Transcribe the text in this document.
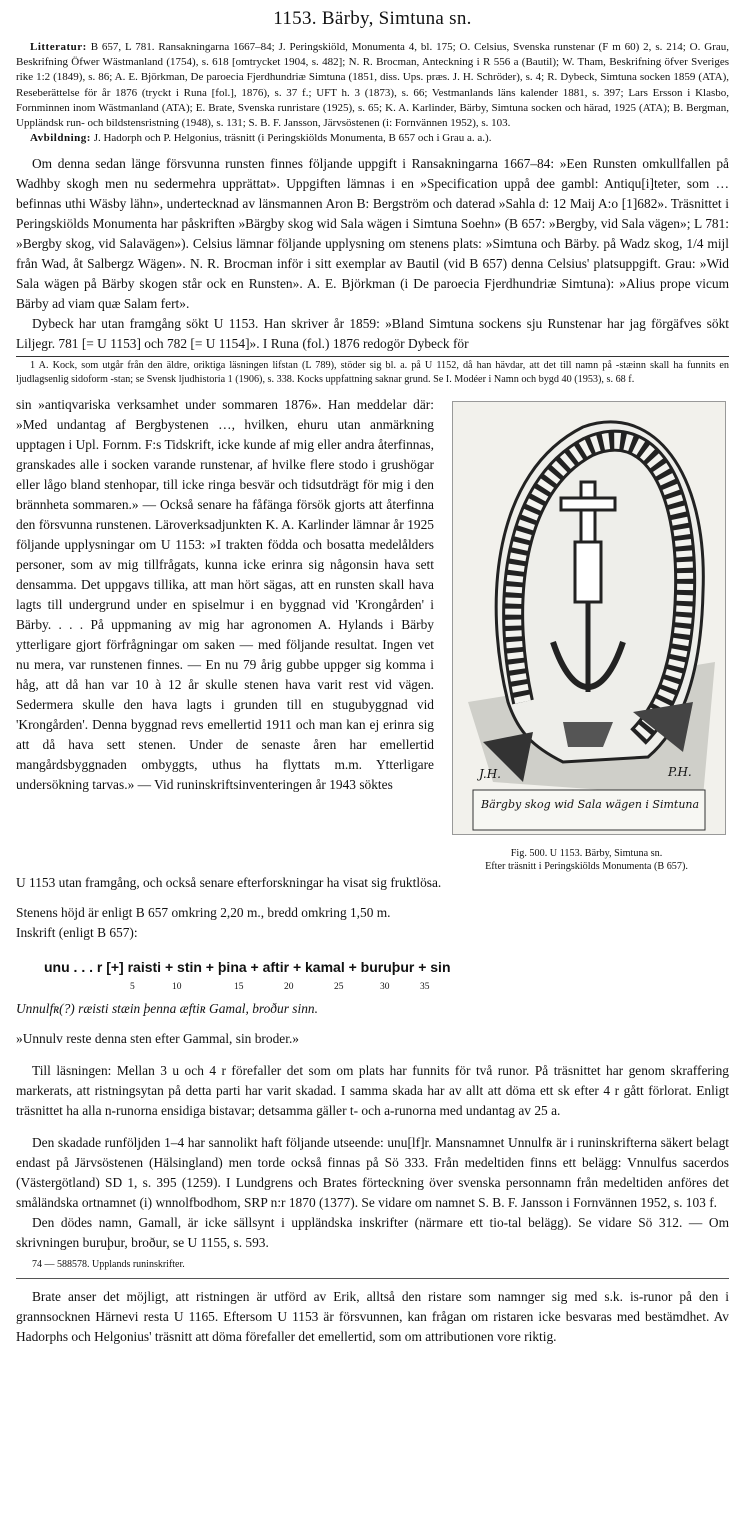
1153. Bärby, Simtuna sn.

Litteratur: B 657, L 781. Ransakningarna 1667–84; J. Peringskiöld, Monumenta 4, bl. 175; O. Celsius, Svenska runstenar (F m 60) 2, s. 214; O. Grau, Beskrifning Öfwer Wästmanland (1754), s. 618 [omtrycket 1904, s. 482]; N. R. Brocman, Anteckning i R 556 a (Bautil); W. Tham, Beskrifning öfver Sveriges rike 1:2 (1849), s. 86; A. E. Björkman, De paroecia Fjerdhundriæ Simtuna (1851, diss. Ups. præs. J. H. Schröder), s. 4; R. Dybeck, Simtuna socken 1859 (ATA), Reseberättelse för år 1876 (tryckt i Runa [fol.], 1876), s. 37 f.; UFT h. 3 (1873), s. 66; Vestmanlands läns kalender 1881, s. 397; Lars Ersson i Klasbo, Fornminnen inom Wästmanland (ATA); E. Brate, Svenska runristare (1925), s. 65; K. A. Karlinder, Bärby, Simtuna socken och härad, 1925 (ATA); B. Bergman, Uppländsk run- och bildstensristning (1948), s. 131; S. B. F. Jansson, Järvsöstenen (i: Fornvännen 1952), s. 103.

Avbildning: J. Hadorph och P. Helgonius, träsnitt (i Peringskiölds Monumenta, B 657 och i Grau a. a.).

Om denna sedan länge försvunna runsten finnes följande uppgift i Ransakningarna 1667–84: »Een Runsten omkullfallen på Wadhby skogh men nu sedermehra upprättat». Uppgiften lämnas i en »Specification uppå dee gambl: Antiqu[i]teter, som … befinnas uthi Wäsby lähn», undertecknad av länsmannen Aron B: Bergström och daterad »Sahla d: 12 Maij A:o [1]682». Träsnittet i Peringskiölds Monumenta har påskriften »Bärgby skog wid Sala wägen i Simtuna Soehn» (B 657: »Bergby, vid Sala vägen»; L 781: »Bergby skog, vid Salavägen»). Celsius lämnar följande upplysning om stenens plats: »Simtuna och Bärby. på Wadz skog, 1/4 mijl från Wad, åt Salbergz Wägen». N. R. Brocman inför i sitt exemplar av Bautil (vid B 657) denna Celsius' platsuppgift. Grau: »Wid Sala wägen på Bärby skogen står ock en Runsten». A. E. Björkman (i De paroecia Fjerdhundriæ Simtuna): »Alius prope vicum Bärby ad viam quæ Salam fert».

Dybeck har utan framgång sökt U 1153. Han skriver år 1859: »Bland Simtuna sockens sju Runstenar har jag förgäfves sökt Liljegr. 781 [= U 1153] och 782 [= U 1154]». I Runa (fol.) 1876 redogör Dybeck för

1 A. Kock, som utgår från den äldre, oriktiga läsningen lifstan (L 789), stöder sig bl. a. på U 1152, då han hävdar, att det till namn på -stæinn skall ha funnits en ljudlagsenlig sidoform -stan; se Svensk ljudhistoria 1 (1906), s. 338. Kocks uppfattning saknar grund. Se I. Modéer i Namn och bygd 40 (1953), s. 68 f.

sin »antiqvariska verksamhet under sommaren 1876». Han meddelar där: »Med undantag af Bergbystenen …, hvilken, ehuru utan anmärkning upptagen i Upl. Fornm. F:s Tidskrift, icke kunde af mig eller andra återfinnas, granskades alle i socken varande runstenar, af hvilke flere stodo i grushögar eller lågo bland stenhopar, till icke ringa besvär och tidsutdrägt för mig i den brännheta sommaren.» — Också senare ha fåfänga försök gjorts att återfinna den försvunna runstenen. Läroverksadjunkten K. A. Karlinder lämnar år 1925 följande upplysningar om U 1153: »I trakten födda och bosatta medelålders personer, som av mig tillfrågats, kunna icke erinra sig någonsin hava sett densamma. Det uppgavs tillika, att man hört sägas, att en runsten skall hava lagts till undergrund under en spiselmur i en byggnad vid 'Krongården' i Bärby. . . . På uppmaning av mig har agronomen A. Hylands i Bärby ytterligare gjort förfrågningar om saken — med följande resultat. Ingen vet nu mera, var runstenen finnes. — En nu 79 årig gubbe uppger sig komma i håg, att då han var 10 à 12 år skulle stenen hava varit rest vid vägen. Sedermera skulle den hava lagts i grunden till en stugubyggnad vid 'Krongården'. Denna byggnad revs emellertid 1911 och man kan ej erinra sig att då hava sett stenen. Under de senaste åren har emellertid mangårdsbyggnaden ombyggts, uthus ha flyttats m.m. Ytterligare undersökning tarvas.» — Vid runinskriftsinventeringen år 1943 söktes

J.H.	P.H.
Bärgby skog wid Sala wägen i Simtuna
Fig. 500. U 1153. Bärby, Simtuna sn.
Efter träsnitt i Peringskiölds Monumenta (B 657).

U 1153 utan framgång, och också senare efterforskningar ha visat sig fruktlösa.

Stenens höjd är enligt B 657 omkring 2,20 m., bredd omkring 1,50 m.

Inskrift (enligt B 657):

unu . . . r [+] raisti + stin + þina + aftir + kamal + buruþur + sin
5	10	15	20	25	30	35

Unnulfʀ(?) ræisti stæin þenna æftiʀ Gamal, broður sinn.

»Unnulv reste denna sten efter Gammal, sin broder.»

Till läsningen: Mellan 3 u och 4 r förefaller det som om plats har funnits för två runor. På träsnittet har genom skraffering markerats, att ristningsytan på detta parti har varit skadad. I samma skada har av allt att döma ett sk efter 4 r gått förlorat. Enligt träsnittet ha alla n-runorna ensidiga bistavar; detsamma gäller t- och a-runorna med undantag av 25 a.

Den skadade runföljden 1–4 har sannolikt haft följande utseende: unu[lf]r. Mansnamnet Unnulfʀ är i runinskrifterna säkert belagt endast på Järvsöstenen (Hälsingland) men torde också finnas på Sö 333. Från medeltiden finns ett belägg: Vnnulfus sacerdos (Västergötland) SD 1, s. 395 (1259). I Lundgrens och Brates förteckning över svenska personnamn från medeltiden anföres det småländska ortnamnet (i) wnnolfbodhom, SRP n:r 1870 (1377). Se vidare om namnet S. B. F. Jansson i Fornvännen 1952, s. 103 f.

Den dödes namn, Gamall, är icke sällsynt i uppländska inskrifter (närmare ett tio-tal belägg). Se vidare Sö 312. — Om skrivningen buruþur, broður, se U 1155, s. 593.

74 — 588578. Upplands runinskrifter.

Brate anser det möjligt, att ristningen är utförd av Erik, alltså den ristare som namnger sig med s.k. is-runor på den i grannsocknen Härnevi resta U 1165. Eftersom U 1153 är försvunnen, kan frågan om ristaren icke besvaras med bestämdhet. Av Hadorphs och Helgonius' träsnitt att döma förefaller det emellertid, som om attributionen vore riktig.
